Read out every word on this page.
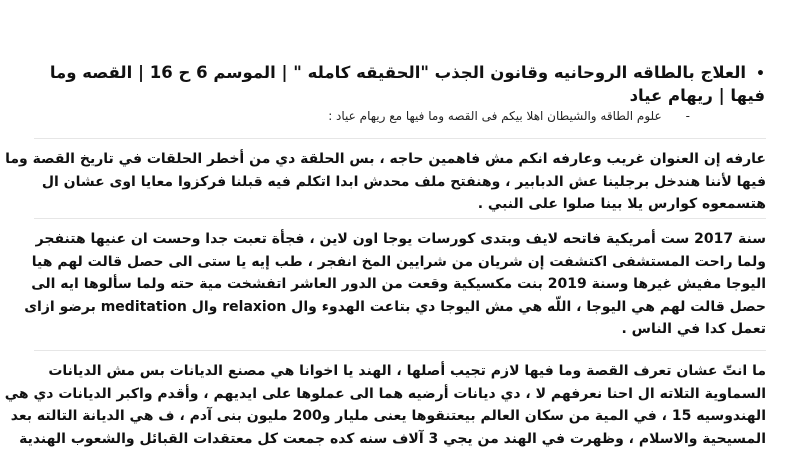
•العلاج بالطاقه الروحانيه وقانون الجذب "الحقيقه كامله " | الموسم 6 ح 16 | القصه وما فيها | ريهام عياد
-علوم الطاقه والشيطان اهلا بيكم فى القصه وما فيها مع ريهام عياد :
عارفه إن العنوان غريب وعارفه انكم مش فاهمين حاجه ، بس الحلقة دي من أخطر الحلقات في تاريخ القصة وما
فيها لأننا هندخل برجلينا عش الدبابير ، وهنفتح ملف محدش ابدا اتكلم فيه قبلنا فركزوا معايا اوى عشان ال
هتسمعوه كوارس يلا بينا صلوا على النبي .
سنة 2017 ست أمريكية فاتحه لايف وبتدى كورسات يوجا اون لاين ، فجأة تعبت جدا وحست ان عنيها هتنفجر
ولما راحت المستشفى اكتشفت إن شريان من شرايين المخ انفجر ، طب إيه يا ستى الى حصل قالت لهم هيا
اليوجا مفيش غيرها وسنة 2019 بنت مكسيكية وقعت من الدور العاشر اتفشخت مية حته ولما سألوها ايه الى
حصل قالت لهم هي اليوجا ، اللّه هي مش اليوجا دي بتاعت الهدوء وال relaxion وال meditation برضو ازاى
تعمل كدا في الناس .
ما انتّ عشان تعرف القصة وما فيها لازم تجيب أصلها ، الهند يا اخوانا هي مصنع الديانات بس مش الديانات
السماوية التلاته ال احنا نعرفهم لا ، دي ديانات أرضيه هما الى عملوها على ايديهم ، وأقدم واكبر الديانات دي هي
الهندوسيه 15 ، في المية من سكان العالم بيعتنقوها يعنى مليار و200 مليون بنى آدم ، ف هي الديانة التالته بعد
المسيحية والاسلام ، وظهرت في الهند من يجي 3 آلاف سنه كده جمعت كل معتقدات القبائل والشعوب الهندية
